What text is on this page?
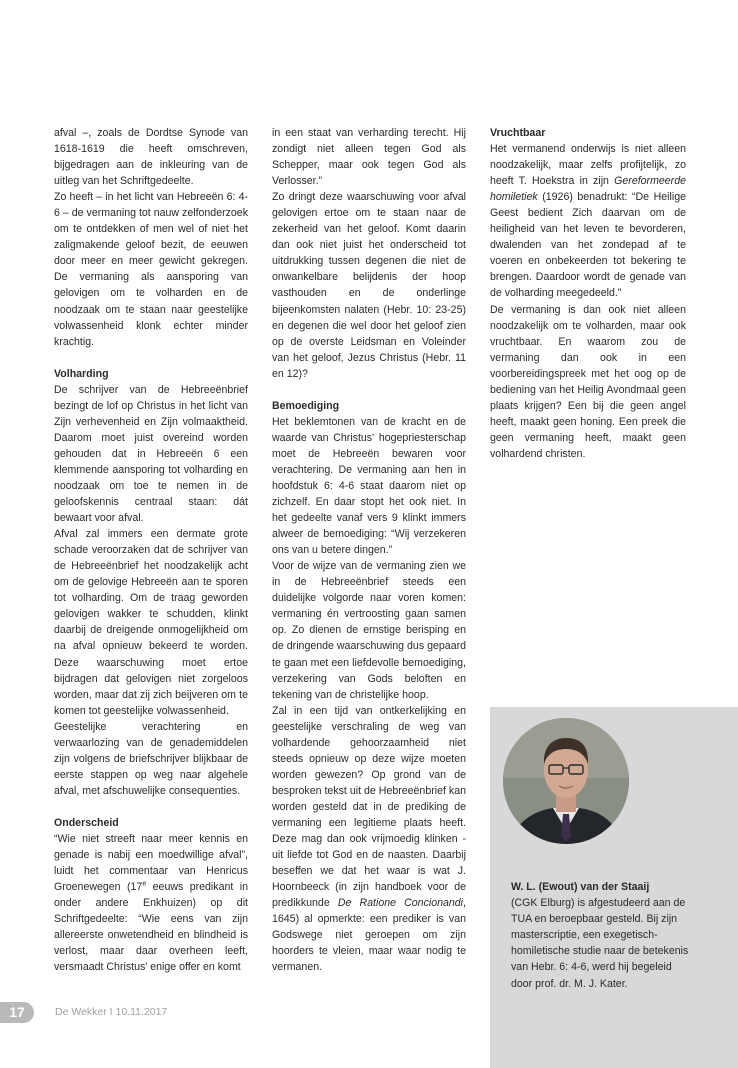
afval –, zoals de Dordtse Synode van 1618-1619 die heeft omschreven, bijgedragen aan de inkleuring van de uitleg van het Schriftgedeelte.

Zo heeft – in het licht van Hebreeën 6: 4-6 – de vermaning tot nauw zelfonderzoek om te ontdekken of men wel of niet het zaligmakende geloof bezit, de eeuwen door meer en meer gewicht gekregen. De vermaning als aansporing van gelovigen om te volharden en de noodzaak om te staan naar geestelijke volwassenheid klonk echter minder krachtig.

Volharding

De schrijver van de Hebreeënbrief bezingt de lof op Christus in het licht van Zijn verhevenheid en Zijn volmaaktheid. Daarom moet juist overeind worden gehouden dat in Hebreeën 6 een klemmende aansporing tot volharding en noodzaak om toe te nemen in de geloofskennis centraal staan: dát bewaart voor afval.

Afval zal immers een dermate grote schade veroorzaken dat de schrijver van de Hebreeënbrief het noodzakelijk acht om de gelovige Hebreeën aan te sporen tot volharding. Om de traag geworden gelovigen wakker te schudden, klinkt daarbij de dreigende onmogelijkheid om na afval opnieuw bekeerd te worden. Deze waarschuwing moet ertoe bijdragen dat gelovigen niet zorgeloos worden, maar dat zij zich beijveren om te komen tot geestelijke volwassenheid.

Geestelijke verachtering en verwaarlozing van de genademiddelen zijn volgens de briefschrijver blijkbaar de eerste stappen op weg naar algehele afval, met afschuwelijke consequenties.

Onderscheid

“Wie niet streeft naar meer kennis en genade is nabij een moedwillige afval”, luidt het commentaar van Henricus Groenewegen (17e eeuws predikant in onder andere Enkhuizen) op dit Schriftgedeelte: “Wie eens van zijn allereerste onwetendheid en blindheid is verlost, maar daar overheen leeft, versmaadt Christus' enige offer en komt

in een staat van verharding terecht. Hij zondigt niet alleen tegen God als Schepper, maar ook tegen God als Verlosser.”

Zo dringt deze waarschuwing voor afval gelovigen ertoe om te staan naar de zekerheid van het geloof. Komt daarin dan ook niet juist het onderscheid tot uitdrukking tussen degenen die niet de onwankelbare belijdenis der hoop vasthouden en de onderlinge bijeenkomsten nalaten (Hebr. 10: 23-25) en degenen die wel door het geloof zien op de overste Leidsman en Voleinder van het geloof, Jezus Christus (Hebr. 11 en 12)?

Bemoediging

Het beklemtonen van de kracht en de waarde van Christus' hogepriesterschap moet de Hebreeën bewaren voor verachtering. De vermaning aan hen in hoofdstuk 6: 4-6 staat daarom niet op zichzelf. En daar stopt het ook niet. In het gedeelte vanaf vers 9 klinkt immers alweer de bemoediging: “Wij verzekeren ons van u betere dingen.”

Voor de wijze van de vermaning zien we in de Hebreeënbrief steeds een duidelijke volgorde naar voren komen: vermaning én vertroosting gaan samen op. Zo dienen de ernstige berisping en de dringende waarschuwing dus gepaard te gaan met een liefdevolle bemoediging, verzekering van Gods beloften en tekening van de christelijke hoop.

Zal in een tijd van ontkerkelijking en geestelijke verschraling de weg van volhardende gehoorzaamheid niet steeds opnieuw op deze wijze moeten worden gewezen? Op grond van de besproken tekst uit de Hebreeënbrief kan worden gesteld dat in de prediking de vermaning een legitieme plaats heeft. Deze mag dan ook vrijmoedig klinken - uit liefde tot God en de naasten. Daarbij beseffen we dat het waar is wat J. Hoornbeeck (in zijn handboek voor de predikkunde De Ratione Concionandi, 1645) al opmerkte: een prediker is van Godswege niet geroepen om zijn hoorders te vleien, maar waar nodig te vermanen.

Vruchtbaar

Het vermanend onderwijs is niet alleen noodzakelijk, maar zelfs profijtelijk, zo heeft T. Hoekstra in zijn Gereformeerde homiletiek (1926) benadrukt: “De Heilige Geest bedient Zich daarvan om de heiligheid van het leven te bevorderen, dwalenden van het zondepad af te voeren en onbekeerden tot bekering te brengen. Daardoor wordt de genade van de volharding meegedeeld.”

De vermaning is dan ook niet alleen noodzakelijk om te volharden, maar ook vruchtbaar. En waarom zou de vermaning dan ook in een voorbereidingspreek met het oog op de bediening van het Heilig Avondmaal geen plaats krijgen? Een bij die geen angel heeft, maakt geen honing. Een preek die geen vermaning heeft, maakt geen volhardend christen.

W. L. (Ewout) van der Staaij
(CGK Elburg) is afgestudeerd aan de TUA en beroepbaar gesteld. Bij zijn masterscriptie, een exegetisch-homiletische studie naar de betekenis van Hebr. 6: 4-6, werd hij begeleid door prof. dr. M. J. Kater.
17	De Wekker I 10.11.2017
